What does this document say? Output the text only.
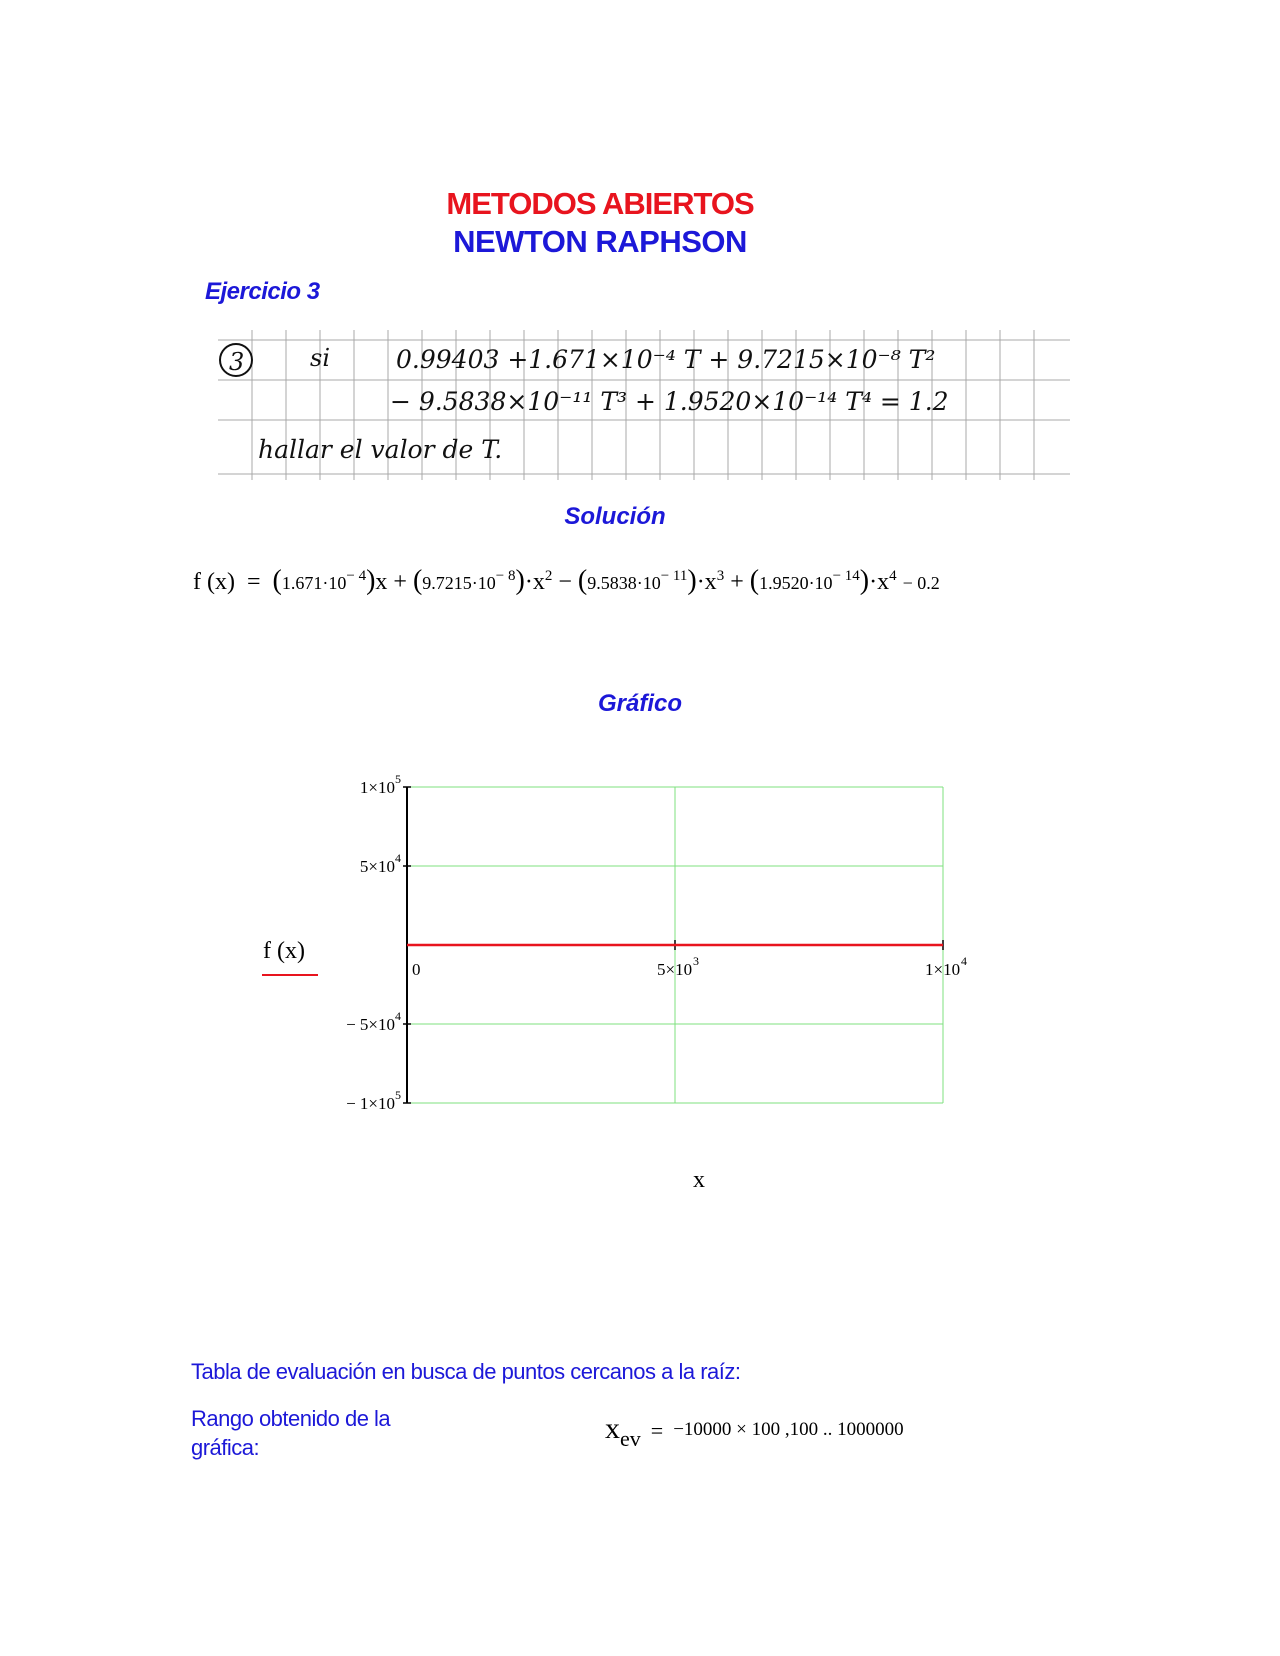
METODOS ABIERTOS
NEWTON RAPHSON
Ejercicio 3
3	si	0.99403 +1.671×10⁻⁴ T + 9.7215×10⁻⁸ T²
− 9.5838×10⁻¹¹ T³ + 1.9520×10⁻¹⁴ T⁴ = 1.2
hallar el valor de T.
Solución
f $(x) = (1.671\cdot 10^{- 4})x + (9.7215\cdot 10^{- 8})\cdot x^2 - (9.5838\cdot 10^{- 11})\cdot x^3 + (1.9520\cdot 10^{- 14})\cdot x^4 - 0.2$
Gráfico
1×10 5
5×10 4
− 5×10 4
− 1×10 5
0	5×10 3	1×10 4
f (x)
x
Tabla de evaluación en busca de puntos cercanos a la raíz:
Rango obtenido de la gráfica:
xev = −10000 × 100 ,100 .. 1000000
